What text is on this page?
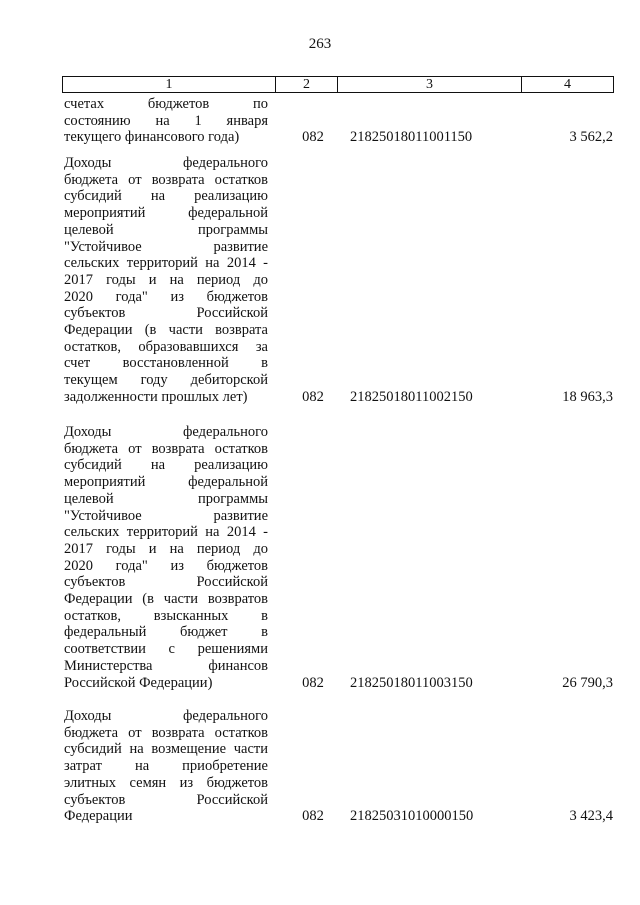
263
1	2	3	4
счетах бюджетов по
состоянию на 1 января
текущего финансового года)	082	21825018011001150	3 562,2
Доходы федерального
бюджета от возврата остатков
субсидий на реализацию
мероприятий федеральной
целевой программы
"Устойчивое развитие
сельских территорий на 2014 -
2017 годы и на период до
2020 года" из бюджетов
субъектов Российской
Федерации (в части возврата
остатков, образовавшихся за
счет восстановленной в
текущем году дебиторской
задолженности прошлых лет)	082	21825018011002150	18 963,3
Доходы федерального
бюджета от возврата остатков
субсидий на реализацию
мероприятий федеральной
целевой программы
"Устойчивое развитие
сельских территорий на 2014 -
2017 годы и на период до
2020 года" из бюджетов
субъектов Российской
Федерации (в части возвратов
остатков, взысканных в
федеральный бюджет в
соответствии с решениями
Министерства финансов
Российской Федерации)	082	21825018011003150	26 790,3
Доходы федерального
бюджета от возврата остатков
субсидий на возмещение части
затрат на приобретение
элитных семян из бюджетов
субъектов Российской
Федерации	082	21825031010000150	3 423,4
